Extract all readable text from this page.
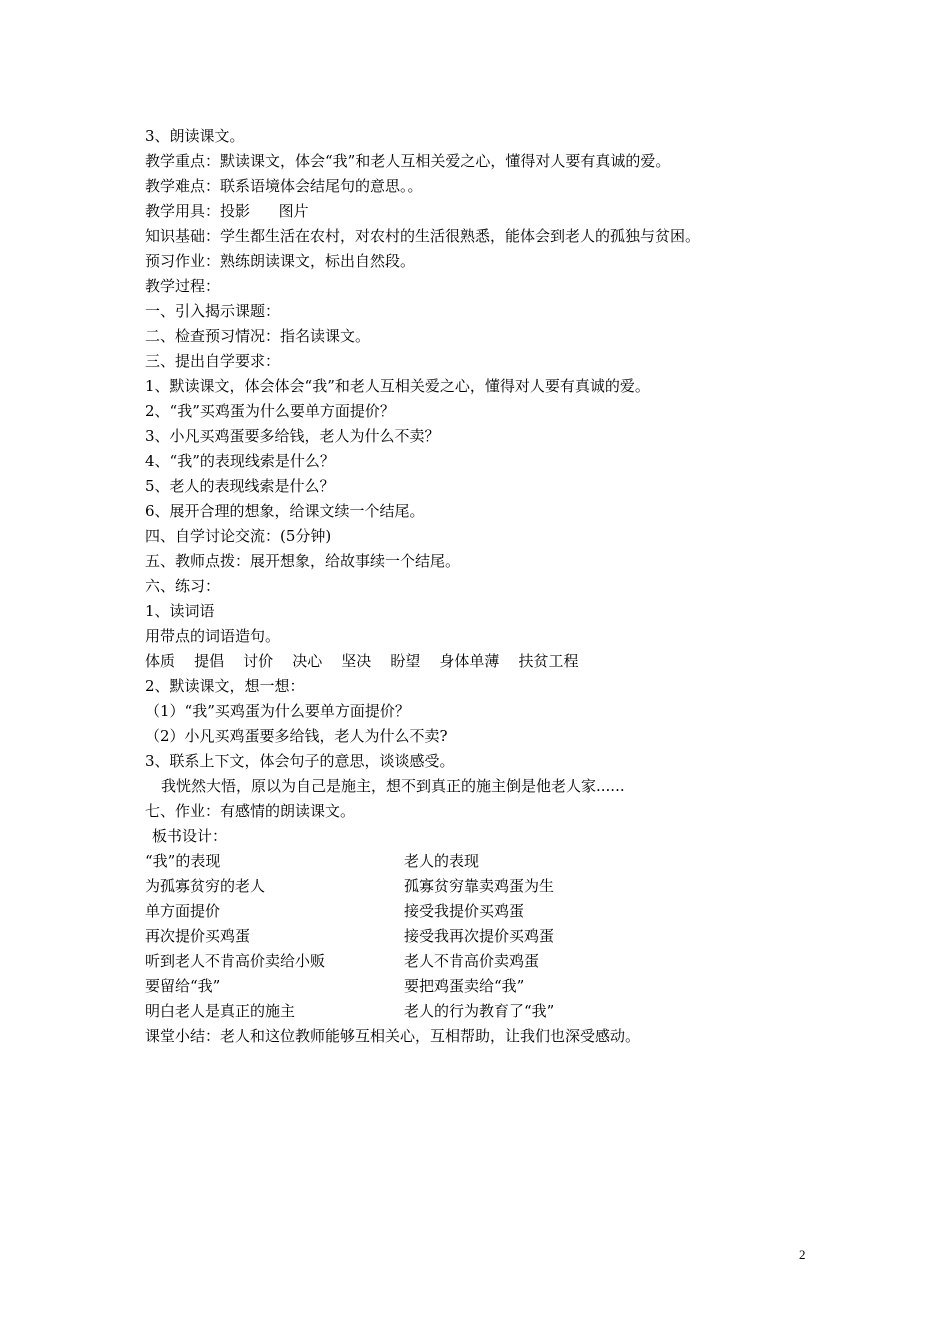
3、朗读课文。
教学重点：默读课文，体会“我”和老人互相关爱之心，懂得对人要有真诚的爱。
教学难点：联系语境体会结尾句的意思。。
教学用具：投影      图片
知识基础：学生都生活在农村，对农村的生活很熟悉，能体会到老人的孤独与贫困。
预习作业：熟练朗读课文，标出自然段。
教学过程：
一、引入揭示课题：
二、检查预习情况：指名读课文。
三、提出自学要求：
1、默读课文，体会体会“我”和老人互相关爱之心，懂得对人要有真诚的爱。
2、“我”买鸡蛋为什么要单方面提价？
3、小凡买鸡蛋要多给钱，老人为什么不卖？
4、“我”的表现线索是什么？
5、老人的表现线索是什么？
6、展开合理的想象，给课文续一个结尾。
四、自学讨论交流：(5分钟)
五、教师点拨：展开想象，给故事续一个结尾。
六、练习：
1、读词语
用带点的词语造句。
体质    提倡    讨价    决心    坚决    盼望    身体单薄    扶贫工程
2、默读课文，想一想：
（1）“我”买鸡蛋为什么要单方面提价？
（2）小凡买鸡蛋要多给钱，老人为什么不卖?
3、联系上下文，体会句子的意思，谈谈感受。
我恍然大悟，原以为自己是施主，想不到真正的施主倒是他老人家......
七、作业：有感情的朗读课文。
板书设计：
“我”的表现	老人的表现
为孤寡贫穷的老人	孤寡贫穷靠卖鸡蛋为生
单方面提价	接受我提价买鸡蛋
再次提价买鸡蛋	接受我再次提价买鸡蛋
听到老人不肯高价卖给小贩	老人不肯高价卖鸡蛋
要留给“我”	要把鸡蛋卖给“我”
明白老人是真正的施主	老人的行为教育了“我”
课堂小结：老人和这位教师能够互相关心，互相帮助，让我们也深受感动。
2
